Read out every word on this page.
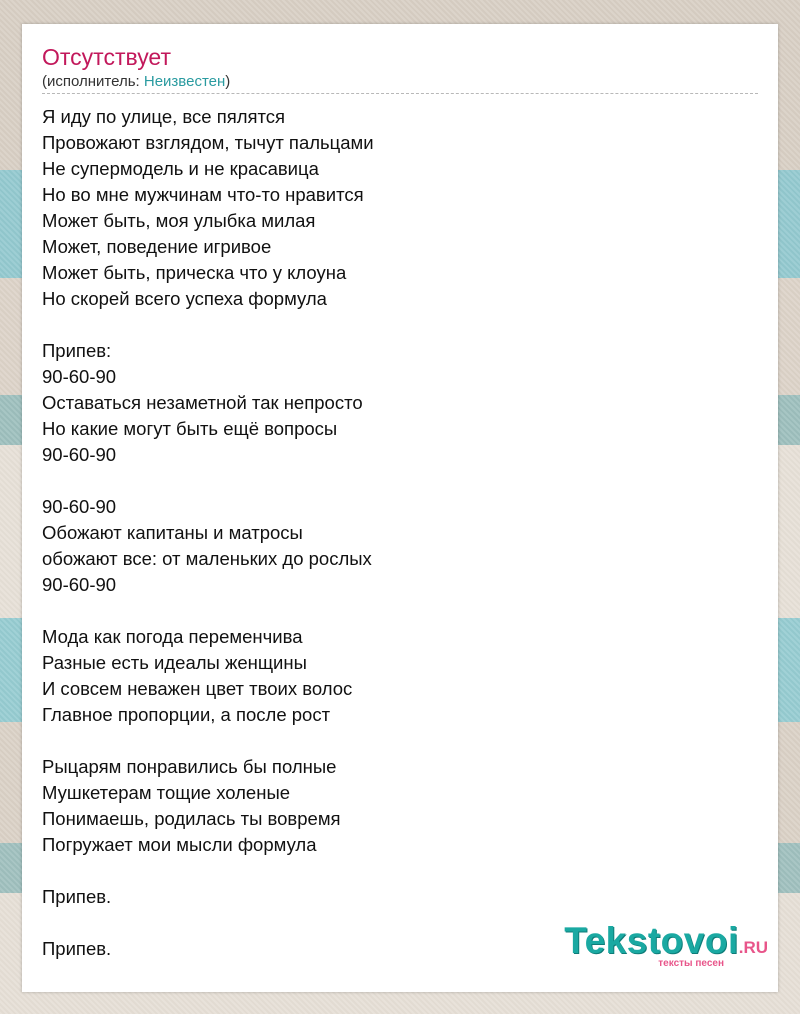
Отсутствует
(исполнитель: Неизвестен)
Я иду по улице, все пялятся
Провожают взглядом, тычут пальцами
Не супермодель и не красавица
Но во мне мужчинам что-то нравится
Может быть, моя улыбка милая
Может, поведение игривое
Может быть, прическа что у клоуна
Но скорей всего успеха формула
Припев:
90-60-90
Оставаться незаметной так непросто
Но какие могут быть ещё вопросы
90-60-90
90-60-90
Обожают капитаны и матросы
обожают все: от маленьких до рослых
90-60-90
Мода как погода переменчива
Разные есть идеалы женщины
И совсем неважен цвет твоих волос
Главное пропорции, а после рост
Рыцарям понравились бы полные
Мушкетерам тощие холеные
Понимаешь, родилась ты вовремя
Погружает мои мысли формула
Припев.
Припев.	Tekstovoi.RU
тексты песен
